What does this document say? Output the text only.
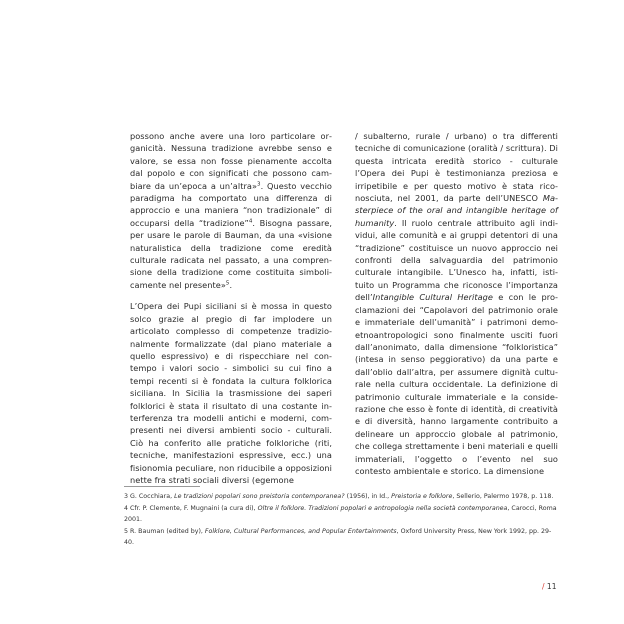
possono anche avere una loro particolare organicità. Nessuna tradizione avrebbe senso e valore, se essa non fosse pienamente accolta dal popolo e con significati che possono cambiare da un’epoca a un’altra»$^3$. Questo vecchio paradigma ha comportato una differenza di approccio e una maniera “non tradizionale” di occuparsi della “tradizione”$^4$. Bisogna passare, per usare le parole di Bauman, da una «visione naturalistica della tradizione come eredità culturale radicata nel passato, a una comprensione della tradizione come costituita simbolicamente nel presente»$^5$.

L’Opera dei Pupi siciliani si è mossa in questo solco grazie al pregio di far implodere un articolato complesso di competenze tradizionalmente formalizzate (dal piano materiale a quello espressivo) e di rispecchiare nel contempo i valori socio - simbolici su cui fino a tempi recenti si è fondata la cultura folklorica siciliana. In Sicilia la trasmissione dei saperi folklorici è stata il risultato di una costante interferenza tra modelli antichi e moderni, compresenti nei diversi ambienti socio - culturali. Ciò ha conferito alle pratiche folkloriche (riti, tecniche, manifestazioni espressive, ecc.) una fisionomia peculiare, non riducibile a opposizioni nette fra strati sociali diversi (egemone

/ subalterno, rurale / urbano) o tra differenti tecniche di comunicazione (oralità / scrittura). Di questa intricata eredità storico - culturale l’Opera dei Pupi è testimonianza preziosa e irripetibile e per questo motivo è stata riconosciuta, nel 2001, da parte dell’UNESCO Masterpiece of the oral and intangible heritage of humanity. Il ruolo centrale attribuito agli individui, alle comunità e ai gruppi detentori di una “tradizione” costituisce un nuovo approccio nei confronti della salvaguardia del patrimonio culturale intangibile. L’Unesco ha, infatti, istituito un Programma che riconosce l’importanza dell’Intangible Cultural Heritage e con le proclamazioni dei “Capolavori del patrimonio orale e immateriale dell’umanità” i patrimoni demoetnoantropologici sono finalmente usciti fuori dall’anonimato, dalla dimensione “folkloristica” (intesa in senso peggiorativo) da una parte e dall’oblio dall’altra, per assumere dignità culturale nella cultura occidentale. La definizione di patrimonio culturale immateriale e la considerazione che esso è fonte di identità, di creatività e di diversità, hanno largamente contribuito a delineare un approccio globale al patrimonio, che collega strettamente i beni materiali e quelli immateriali, l’oggetto o l’evento nel suo contesto ambientale e storico. La dimensione

3 G. Cocchiara, Le tradizioni popolari sono preistoria contemporanea? (1956), in Id., Preistoria e folklore, Sellerio, Palermo 1978, p. 118.

4 Cfr. P. Clemente, F. Mugnaini (a cura di), Oltre il folklore. Tradizioni popolari e antropologia nella società contemporanea, Carocci, Roma 2001.

5 R. Bauman (edited by), Folklore, Cultural Performances, and Popular Entertainments, Oxford University Press, New York 1992, pp. 29-40.

/ 11
